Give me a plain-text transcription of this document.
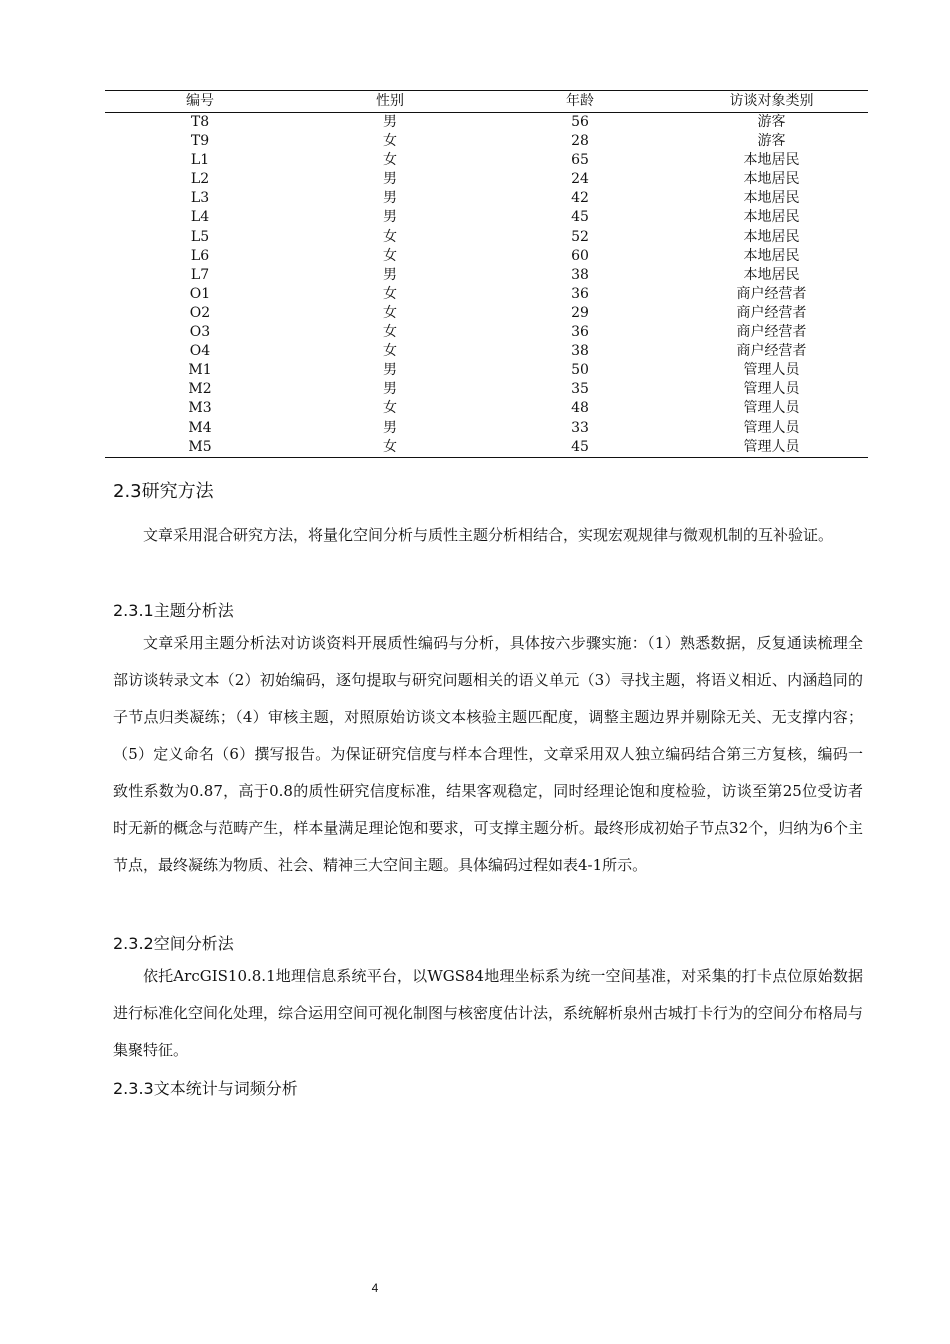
编号	性别	年龄	访谈对象类别
T8	男	56	游客
T9	女	28	游客
L1	女	65	本地居民
L2	男	24	本地居民
L3	男	42	本地居民
L4	男	45	本地居民
L5	女	52	本地居民
L6	女	60	本地居民
L7	男	38	本地居民
O1	女	36	商户经营者
O2	女	29	商户经营者
O3	女	36	商户经营者
O4	女	38	商户经营者
M1	男	50	管理人员
M2	男	35	管理人员
M3	女	48	管理人员
M4	男	33	管理人员
M5	女	45	管理人员
2.3研究方法

文章采用混合研究方法，将量化空间分析与质性主题分析相结合，实现宏观规律与微观机制的互补验证。

2.3.1主题分析法

文章采用主题分析法对访谈资料开展质性编码与分析，具体按六步骤实施：（1）熟悉数据，反复通读梳理全部访谈转录文本（2）初始编码，逐句提取与研究问题相关的语义单元（3）寻找主题，将语义相近、内涵趋同的子节点归类凝练；（4）审核主题，对照原始访谈文本核验主题匹配度，调整主题边界并剔除无关、无支撑内容；（5）定义命名（6）撰写报告。为保证研究信度与样本合理性，文章采用双人独立编码结合第三方复核，编码一致性系数为0.87，高于0.8的质性研究信度标准，结果客观稳定，同时经理论饱和度检验，访谈至第25位受访者时无新的概念与范畴产生，样本量满足理论饱和要求，可支撑主题分析。最终形成初始子节点32个，归纳为6个主节点，最终凝练为物质、社会、精神三大空间主题。具体编码过程如表4-1所示。

2.3.2空间分析法

依托ArcGIS10.8.1地理信息系统平台，以WGS84地理坐标系为统一空间基准，对采集的打卡点位原始数据进行标准化空间化处理，综合运用空间可视化制图与核密度估计法，系统解析泉州古城打卡行为的空间分布格局与集聚特征。

2.3.3文本统计与词频分析
4
